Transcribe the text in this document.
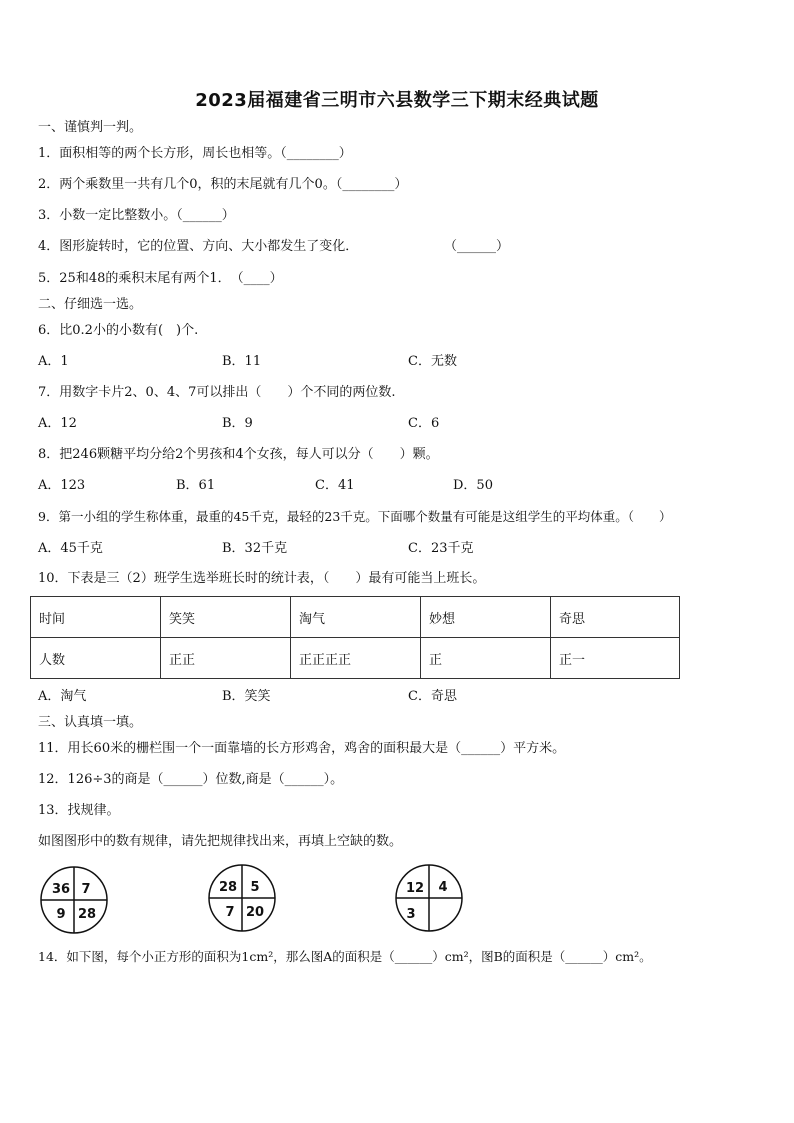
2023届福建省三明市六县数学三下期末经典试题
一、谨慎判一判。
1．面积相等的两个长方形，周长也相等。（________）
2．两个乘数里一共有几个0，积的末尾就有几个0。（________）
3．小数一定比整数小。（______）
4．图形旋转时，它的位置、方向、大小都发生了变化．	（______）
5．25和48的乘积末尾有两个1．　（____）
二、仔细选一选。
6．比0.2小的小数有(　)个.
A．1	B．11	C．无数
7．用数字卡片2、0、4、7可以排出（　　）个不同的两位数.
A．12	B．9	C．6
8．把246颗糖平均分给2个男孩和4个女孩，每人可以分（　　）颗。
A．123	B．61	C．41	D．50
9．第一小组的学生称体重，最重的45千克，最轻的23千克。下面哪个数量有可能是这组学生的平均体重。（　　）
A．45千克	B．32千克	C．23千克
10．下表是三（2）班学生选举班长时的统计表，（　　）最有可能当上班长。
时间	笑笑	淘气	妙想	奇思
人数	正正	正正正正	正	正一
A．淘气	B．笑笑	C．奇思
三、认真填一填。
11．用长60米的栅栏围一个一面靠墙的长方形鸡舍，鸡舍的面积最大是（______）平方米。
12．126÷3的商是（______）位数,商是（______）。
13．找规律。
如图图形中的数有规律，请先把规律找出来，再填上空缺的数。
36 7
9 28
28 5
7 20
12 4
3
14．如下图，每个小正方形的面积为1cm²，那么图A的面积是（______）cm²，图B的面积是（______）cm²。
